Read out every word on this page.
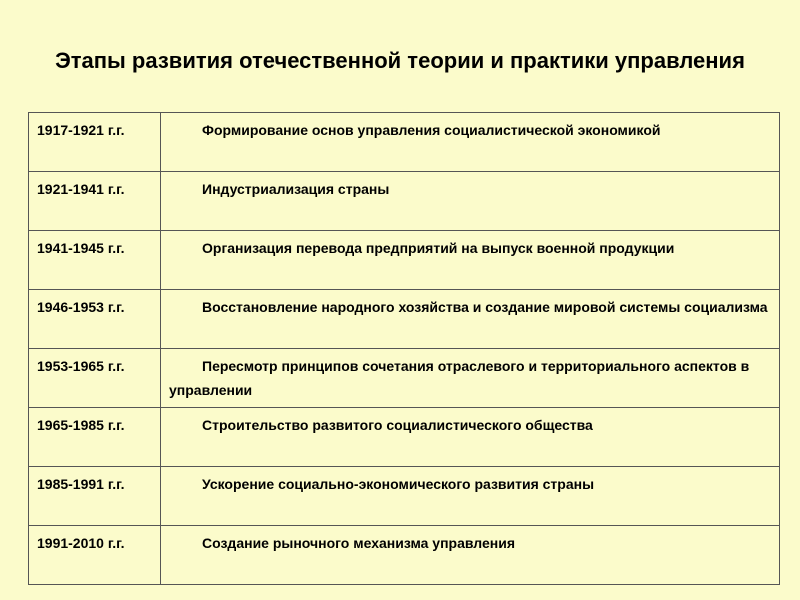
Этапы развития отечественной теории и практики управления
1917-1921 г.г.	Формирование основ управления социалистической экономикой
1921-1941 г.г.	Индустриализация страны
1941-1945 г.г.	Организация перевода предприятий на выпуск военной продукции
1946-1953 г.г.	Восстановление народного хозяйства и создание мировой системы социализма
1953-1965 г.г.	Пересмотр принципов сочетания отраслевого и территориального аспектов в управлении
1965-1985 г.г.	Строительство развитого социалистического общества
1985-1991 г.г.	Ускорение социально-экономического развития страны
1991-2010 г.г.	Создание рыночного механизма управления
